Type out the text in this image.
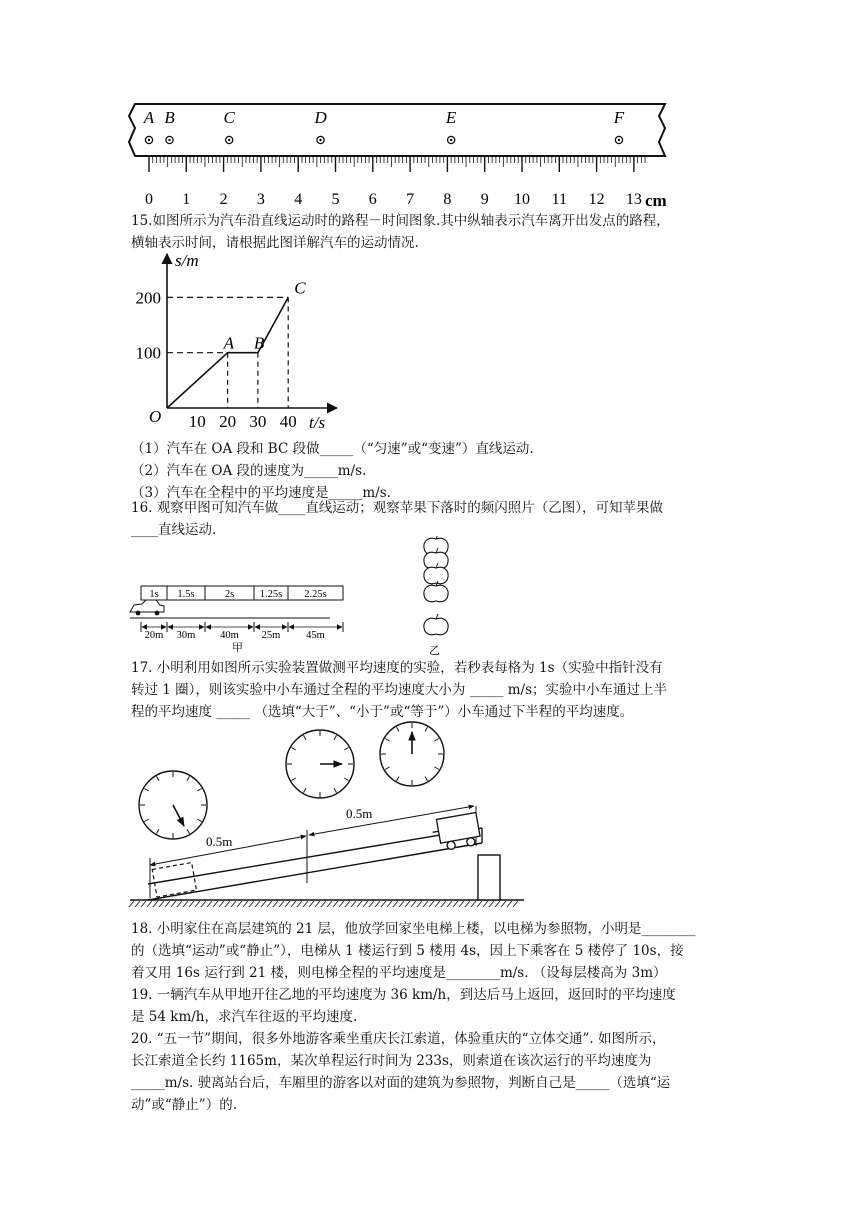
A B	C	D	E	F
0 1 2 3 4 5 6 7 8 9 10 11 12 13 cm
15.如图所示为汽车沿直线运动时的路程－时间图象.其中纵轴表示汽车离开出发点的路程，
横轴表示时间，请根据此图详解汽车的运动情况.
s/m
t/s
O 10 20 30 40
100
200
A B
C
（1）汽车在 OA 段和 BC 段做_____（“匀速”或“变速”）直线运动.
（2）汽车在 OA 段的速度为_____m/s.
（3）汽车在全程中的平均速度是_____m/s.
16. 观察甲图可知汽车做____直线运动；观察苹果下落时的频闪照片（乙图），可知苹果做
____直线运动.
1s 1.5s	2s 1.25s 2.25s
20m 30m 40m 25m 45m
甲	乙
17. 小明利用如图所示实验装置做测平均速度的实验，若秒表每格为 1s（实验中指针没有
转过 1 圈），则该实验中小车通过全程的平均速度大小为 _____ m/s；实验中小车通过上半
程的平均速度 _____ （选填“大于”、“小于”或“等于”）小车通过下半程的平均速度。
0.5m
0.5m
18. 小明家住在高层建筑的 21 层，他放学回家坐电梯上楼，以电梯为参照物，小明是________
的（选填“运动”或“静止”），电梯从 1 楼运行到 5 楼用 4s，因上下乘客在 5 楼停了 10s，接
着又用 16s 运行到 21 楼，则电梯全程的平均速度是________m/s. （设每层楼高为 3m）
19. 一辆汽车从甲地开往乙地的平均速度为 36 km/h，到达后马上返回，返回时的平均速度
是 54 km/h，求汽车往返的平均速度.
20. “五一节”期间，很多外地游客乘坐重庆长江索道，体验重庆的“立体交通”. 如图所示，
长江索道全长约 1165m，某次单程运行时间为 233s，则索道在该次运行的平均速度为
_____m/s. 驶离站台后，车厢里的游客以对面的建筑为参照物，判断自己是_____（选填“运
动”或“静止”）的.
